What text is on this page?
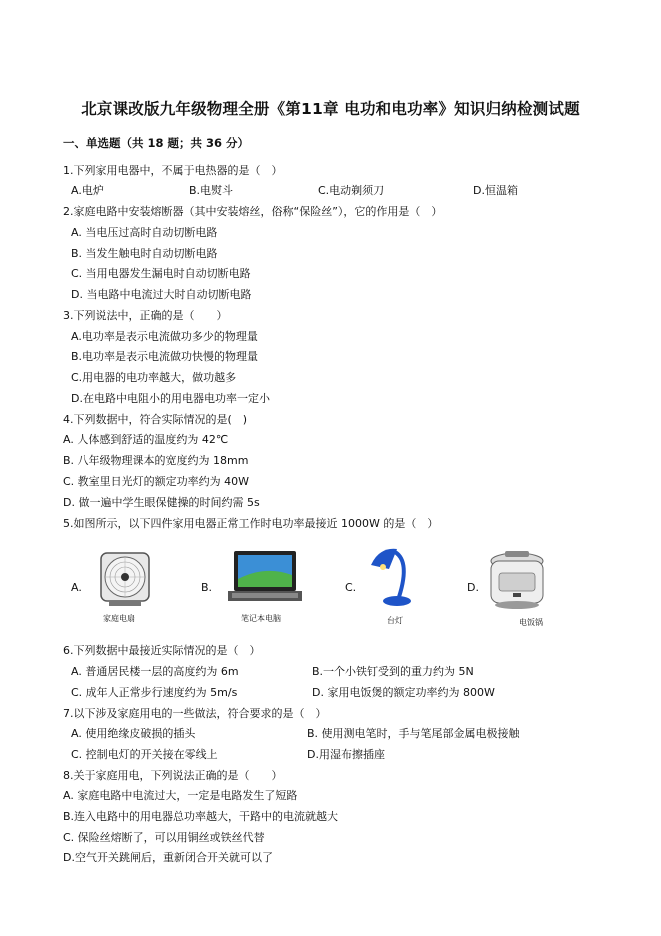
北京课改版九年级物理全册《第11章 电功和电功率》知识归纳检测试题
一、单选题（共 18 题；共 36 分）
1.下列家用电器中，不属于电热器的是（　）
A.电炉	B.电熨斗	C.电动剃须刀	D.恒温箱
2.家庭电路中安装熔断器（其中安装熔丝，俗称“保险丝”），它的作用是（　）
A. 当电压过高时自动切断电路
B. 当发生触电时自动切断电路
C. 当用电器发生漏电时自动切断电路
D. 当电路中电流过大时自动切断电路
3.下列说法中，正确的是（　　）
A.电功率是表示电流做功多少的物理量
B.电功率是表示电流做功快慢的物理量
C.用电器的电功率越大，做功越多
D.在电路中电阻小的用电器电功率一定小
4.下列数据中，符合实际情况的是(　)
A. 人体感到舒适的温度约为 42℃
B. 八年级物理课本的宽度约为 18mm
C. 教室里日光灯的额定功率约为 40W
D. 做一遍中学生眼保健操的时间约需 5s
5.如图所示，以下四件家用电器正常工作时电功率最接近 1000W 的是（　）
A.
家庭电扇
B.
笔记本电脑
C.
台灯
D.
电饭锅
6.下列数据中最接近实际情况的是（　）
A. 普通居民楼一层的高度约为 6m	B.一个小铁钉受到的重力约为 5N
C. 成年人正常步行速度约为 5m/s	D. 家用电饭煲的额定功率约为 800W
7.以下涉及家庭用电的一些做法，符合要求的是（　）
A. 使用绝缘皮破损的插头	B. 使用测电笔时，手与笔尾部金属电极接触
C. 控制电灯的开关接在零线上	D.用湿布擦插座
8.关于家庭用电，下列说法正确的是（　　）
A. 家庭电路中电流过大，一定是电路发生了短路
B.连入电路中的用电器总功率越大，干路中的电流就越大
C. 保险丝熔断了，可以用铜丝或铁丝代替
D.空气开关跳闸后，重新闭合开关就可以了
